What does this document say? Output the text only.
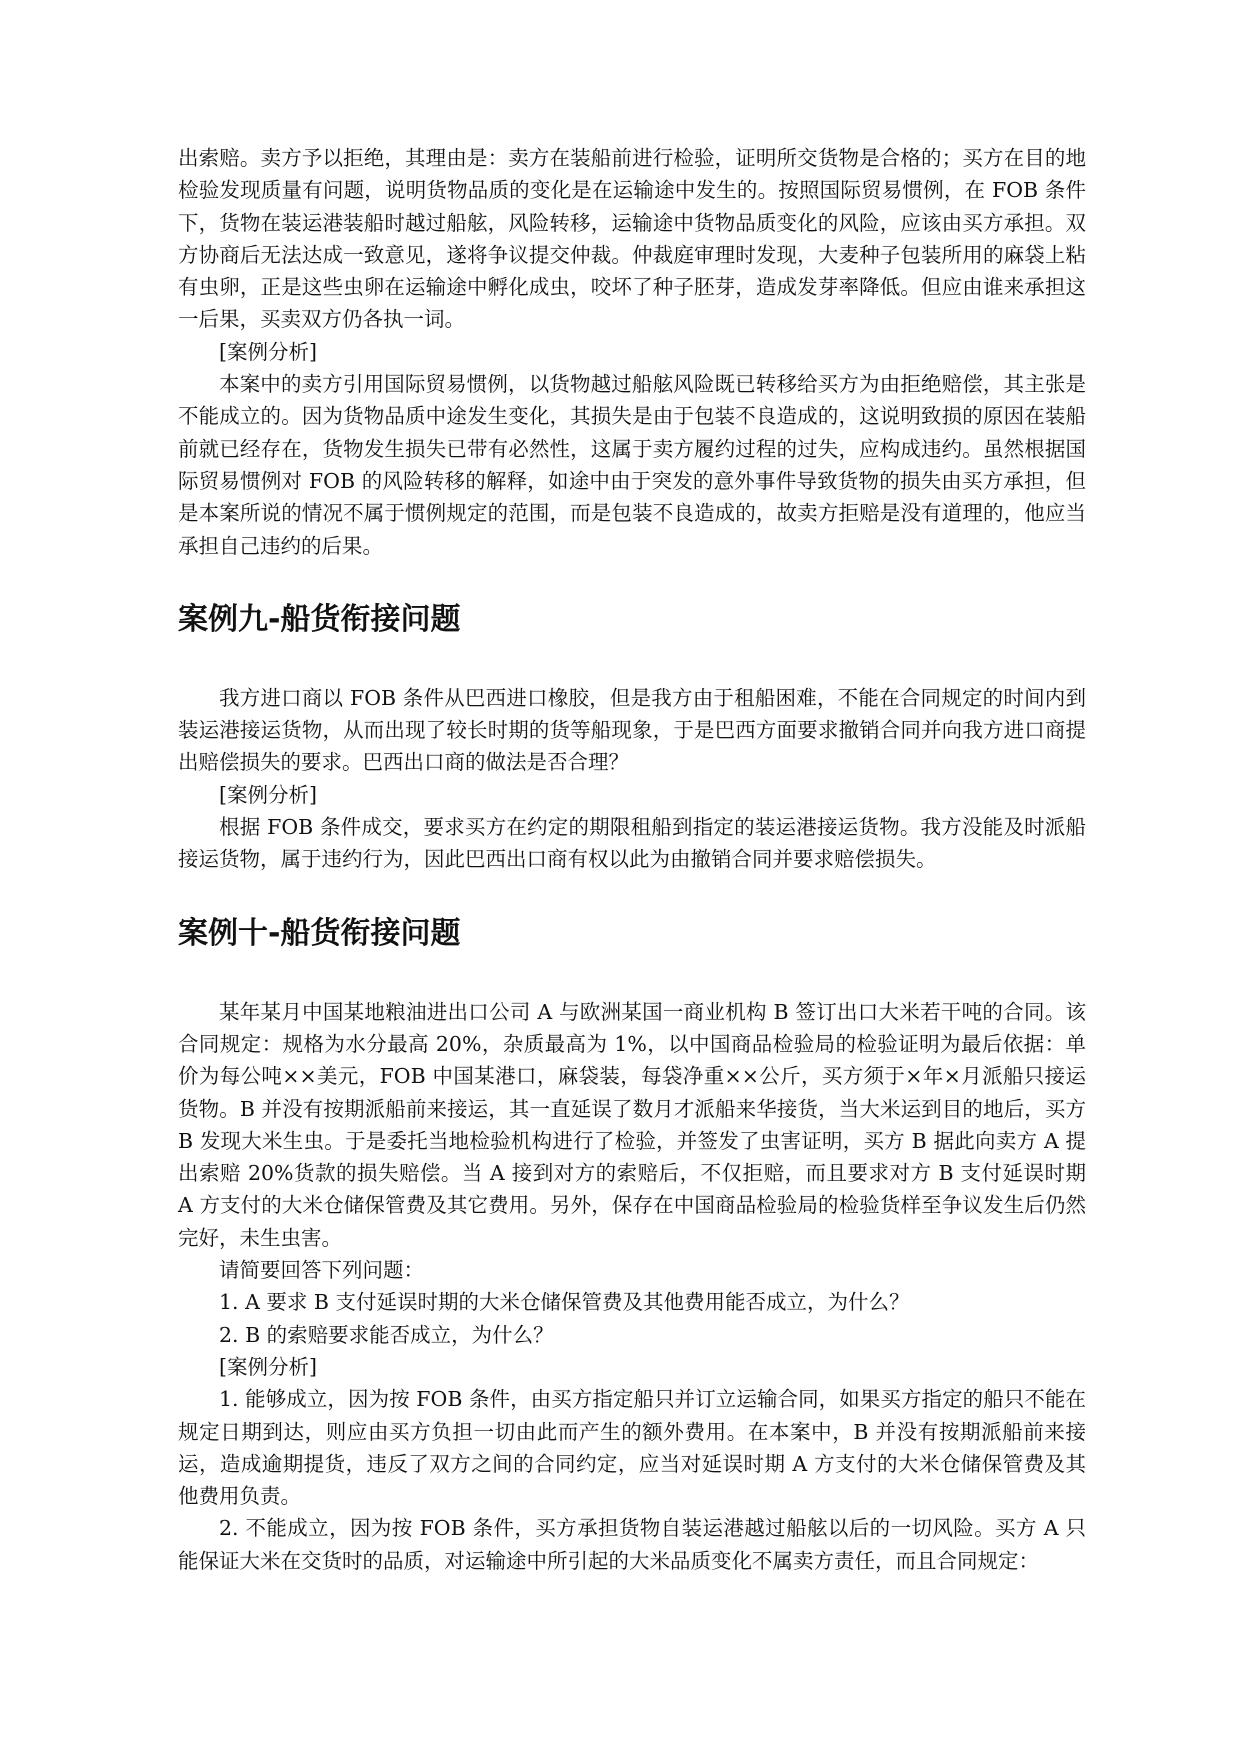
出索赔。卖方予以拒绝，其理由是：卖方在装船前进行检验，证明所交货物是合格的；买方在目的地检验发现质量有问题，说明货物品质的变化是在运输途中发生的。按照国际贸易惯例，在 FOB 条件下，货物在装运港装船时越过船舷，风险转移，运输途中货物品质变化的风险，应该由买方承担。双方协商后无法达成一致意见，遂将争议提交仲裁。仲裁庭审理时发现，大麦种子包装所用的麻袋上粘有虫卵，正是这些虫卵在运输途中孵化成虫，咬坏了种子胚芽，造成发芽率降低。但应由谁来承担这一后果，买卖双方仍各执一词。

[案例分析]

本案中的卖方引用国际贸易惯例，以货物越过船舷风险既已转移给买方为由拒绝赔偿，其主张是不能成立的。因为货物品质中途发生变化，其损失是由于包装不良造成的，这说明致损的原因在装船前就已经存在，货物发生损失已带有必然性，这属于卖方履约过程的过失，应构成违约。虽然根据国际贸易惯例对 FOB 的风险转移的解释，如途中由于突发的意外事件导致货物的损失由买方承担，但是本案所说的情况不属于惯例规定的范围，而是包装不良造成的，故卖方拒赔是没有道理的，他应当承担自己违约的后果。

案例九-船货衔接问题

我方进口商以 FOB 条件从巴西进口橡胶，但是我方由于租船困难，不能在合同规定的时间内到装运港接运货物，从而出现了较长时期的货等船现象，于是巴西方面要求撤销合同并向我方进口商提出赔偿损失的要求。巴西出口商的做法是否合理？

[案例分析]

根据 FOB 条件成交，要求买方在约定的期限租船到指定的装运港接运货物。我方没能及时派船接运货物，属于违约行为，因此巴西出口商有权以此为由撤销合同并要求赔偿损失。

案例十-船货衔接问题

某年某月中国某地粮油进出口公司 A 与欧洲某国一商业机构 B 签订出口大米若干吨的合同。该合同规定：规格为水分最高 20%，杂质最高为 1%，以中国商品检验局的检验证明为最后依据：单价为每公吨××美元，FOB 中国某港口，麻袋装，每袋净重××公斤，买方须于×年×月派船只接运货物。B 并没有按期派船前来接运，其一直延误了数月才派船来华接货，当大米运到目的地后，买方 B 发现大米生虫。于是委托当地检验机构进行了检验，并签发了虫害证明，买方 B 据此向卖方 A 提出索赔 20%货款的损失赔偿。当 A 接到对方的索赔后，不仅拒赔，而且要求对方 B 支付延误时期 A 方支付的大米仓储保管费及其它费用。另外，保存在中国商品检验局的检验货样至争议发生后仍然完好，未生虫害。

请简要回答下列问题：

1. A 要求 B 支付延误时期的大米仓储保管费及其他费用能否成立，为什么？

2. B 的索赔要求能否成立，为什么？

[案例分析]

1. 能够成立，因为按 FOB 条件，由买方指定船只并订立运输合同，如果买方指定的船只不能在规定日期到达，则应由买方负担一切由此而产生的额外费用。在本案中，B 并没有按期派船前来接运，造成逾期提货，违反了双方之间的合同约定，应当对延误时期 A 方支付的大米仓储保管费及其他费用负责。

2. 不能成立，因为按 FOB 条件，买方承担货物自装运港越过船舷以后的一切风险。买方 A 只能保证大米在交货时的品质，对运输途中所引起的大米品质变化不属卖方责任，而且合同规定：
